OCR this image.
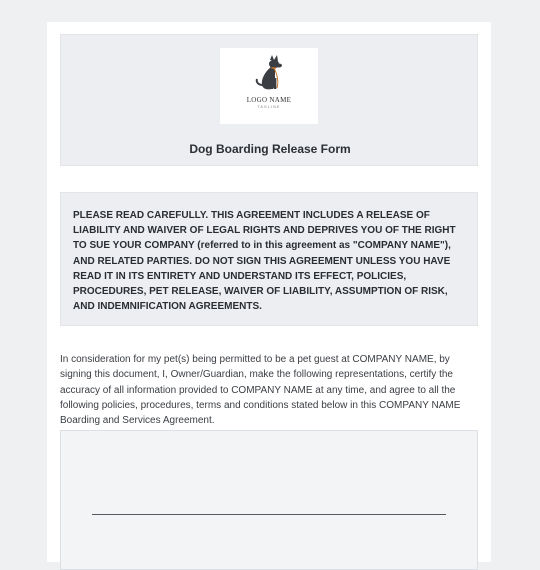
LOGO NAME
TAGLINE
Dog Boarding Release Form

PLEASE READ CAREFULLY. THIS AGREEMENT INCLUDES A RELEASE OF LIABILITY AND WAIVER OF LEGAL RIGHTS AND DEPRIVES YOU OF THE RIGHT TO SUE YOUR COMPANY (referred to in this agreement as "COMPANY NAME"), AND RELATED PARTIES. DO NOT SIGN THIS AGREEMENT UNLESS YOU HAVE READ IT IN ITS ENTIRETY AND UNDERSTAND ITS EFFECT, POLICIES, PROCEDURES, PET RELEASE, WAIVER OF LIABILITY, ASSUMPTION OF RISK, AND INDEMNIFICATION AGREEMENTS.

In consideration for my pet(s) being permitted to be a pet guest at COMPANY NAME, by signing this document, I, Owner/Guardian, make the following representations, certify the accuracy of all information provided to COMPANY NAME at any time, and agree to all the following policies, procedures, terms and conditions stated below in this COMPANY NAME Boarding and Services Agreement.
